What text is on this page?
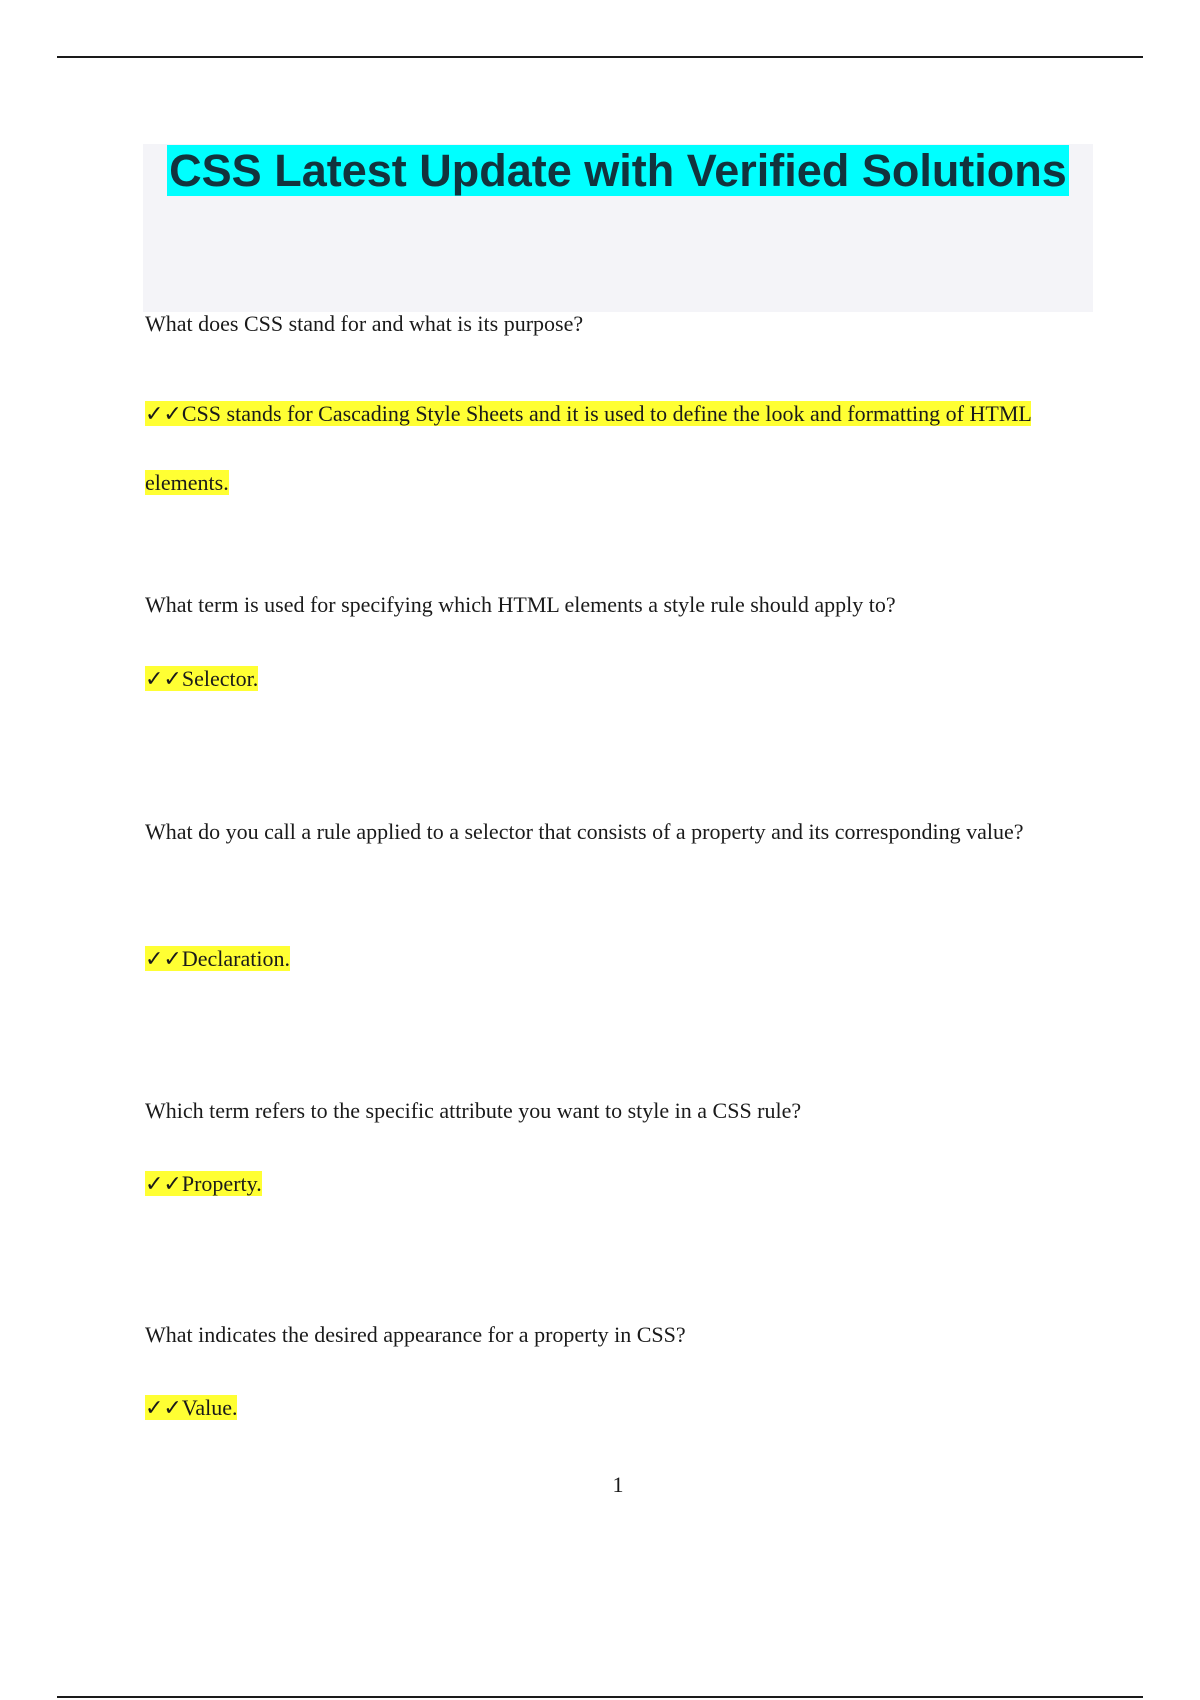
CSS Latest Update with Verified Solutions

What does CSS stand for and what is its purpose?

✓✓CSS stands for Cascading Style Sheets and it is used to define the look and formatting of HTML elements.

What term is used for specifying which HTML elements a style rule should apply to?

✓✓Selector.

What do you call a rule applied to a selector that consists of a property and its corresponding value?

✓✓Declaration.

Which term refers to the specific attribute you want to style in a CSS rule?

✓✓Property.

What indicates the desired appearance for a property in CSS?

✓✓Value.

1
